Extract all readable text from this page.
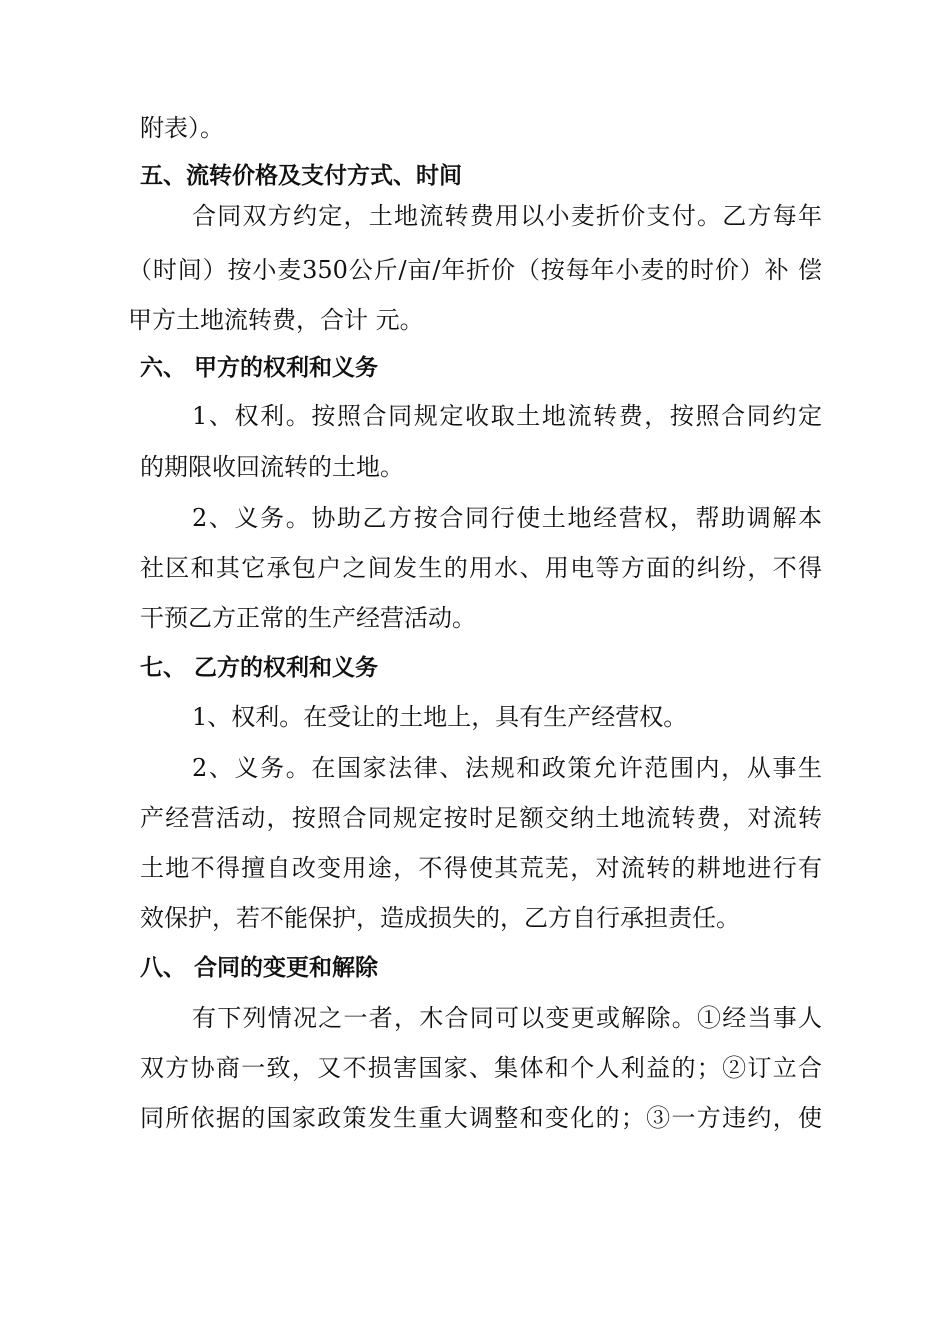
附表）。
五、流转价格及支付方式、时间
合同双方约定，土地流转费用以小麦折价支付。乙方每年
（时间）按小麦350公斤/亩/年折价（按每年小麦的时价）补 偿
甲方土地流转费，合计 元。
六、 甲方的权利和义务
1、权利。按照合同规定收取土地流转费，按照合同约定
的期限收回流转的土地。
2、义务。协助乙方按合同行使土地经营权，帮助调解本
社区和其它承包户之间发生的用水、用电等方面的纠纷，不得
干预乙方正常的生产经营活动。
七、 乙方的权利和义务
1、权利。在受让的土地上，具有生产经营权。
2、义务。在国家法律、法规和政策允许范围内，从事生
产经营活动，按照合同规定按时足额交纳土地流转费，对流转
土地不得擅自改变用途，不得使其荒芜，对流转的耕地进行有
效保护，若不能保护，造成损失的，乙方自行承担责任。
八、 合同的变更和解除
有下列情况之一者，木合同可以变更或解除。①经当事人
双方协商一致，又不损害国家、集体和个人利益的；②订立合
同所依据的国家政策发生重大调整和变化的；③一方违约，使
